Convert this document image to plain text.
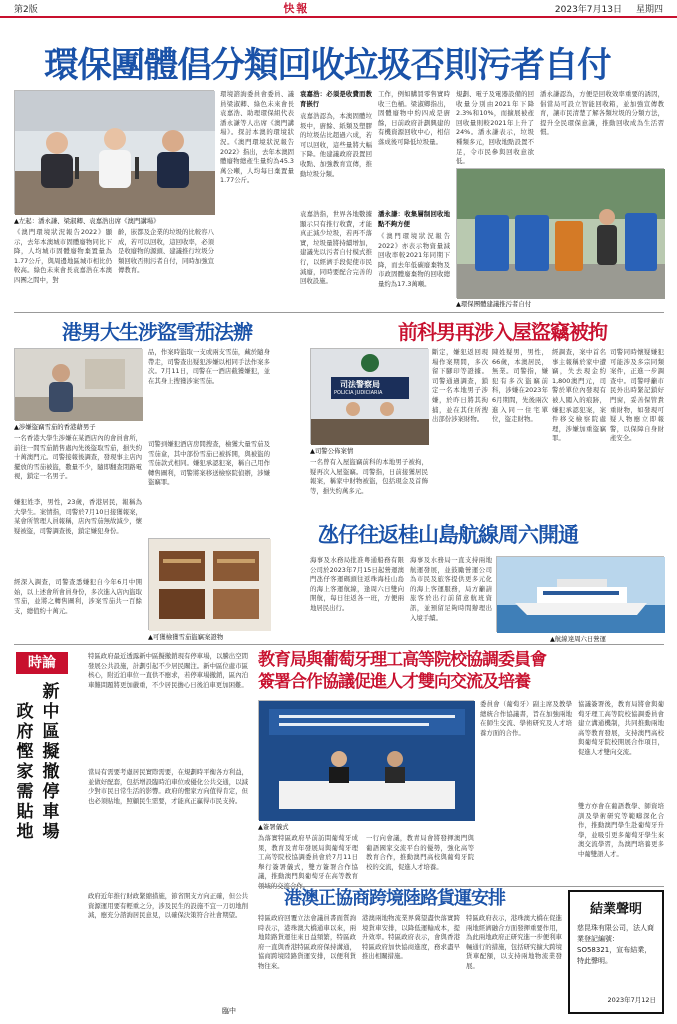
第2版	快報	2023年7月13日 星期四
環保團體倡分類回收垃圾否則污者自付
▲左起：潘永謙、梁淑卿、袁嘉浩出席《澳門講場》
《澳門環境狀況報告2022》顯示，去年本澳城市固體廢物同比下降，人均城市固體廢物棄置量為1.77公斤，與周邊地區城市相比仍較高。綠色未來會長袁嘉浩在本澳四團之間中，對
齡，嵌都及企業的垃圾的比較容八成，若可以回收，這回收率，必須是收廢物的源頭、建議推行垃圾分類回收否則污者自付，同時加強宣傳教育。
環境諮詢委員會委員、議員梁淑卿、綠色未來會長袁嘉浩、助理環保組代表潘永謙等人出席《澳門講場》。探討本澳的環境狀況。《澳門環境狀況報告2022》指出，去年本澳固體廢物總產生量約為45.3萬公噸，人均每日棄置量1.77公斤。
袁嘉浩：必須是收費而教育嵌行
袁嘉浩認為，本澳固體垃圾中，廚餘、紙類及塑膠的垃圾佔比超過六成，若可以回收，這些量將大幅下降。他建議政府設置回收點、加強教育宣傳，推動垃圾分類。
袁嘉浩指，世界各地數據顯示只有推行收費，才能真正減少垃圾，若再不落實，垃圾量將持續增加，建議先以污者自付模式推行，以經濟手段促使市民減廢，同時要配合完善的回收設施。
工作，例如購買零售實時收三色桶。梁淑卿指出，固體廢物中約四成是廚餘，日前政府計劃興建的有機資源回收中心，相信落成後可降低垃圾量。
潘永謙：收集層制回收地點不夠方便
《澳門環境狀況報告2022》亦表示物資量減回收率較2021年同期下降，而去年低碳廢棄物及市政固體廢棄物的回收總量約為17.3萬噸。
規劃、電子及電器設備的回收量分別由2021年下降2.3%和10%，而擴展被產回收量則較2021年上升了24%。潘永謙表示，垃圾種類多元，回收地點設置不足，令市民參與回收意欲低。
潘永謙認為，方便是回收效率重要的誘因，倡當局可設立智能回收箱，並加強宣傳教育，讓市民清楚了解各類垃圾的分類方法，提升全民環保意識，推動回收成為生活習慣。
▲環保團體建議推污者自付
港男大生涉盜雪茄法辦
▲涉嫌盜竊雪茄的香港藉男子
一名香港大學生涉嫌在某酒店內的會員會所，前往一間雪茄銷售處內先後盜取雪茄，損失約十萬澳門元。司警接報後調查，發現事主店內擺放的雪茄被盜，數量不少，隨即翻查閉路電視，鎖定一名男子。
嫌犯姓李，男性，23歲，香港居民，報稱為大學生。案情指，司警於7月10日接獲報案，某會所管理人員報稱，店內雪茄無故減少，懷疑被盜，司警調查後，鎖定嫌犯身份。
經深入調查，司警查悉嫌犯自今年6月中開始，以上述會所會員身份，多次進入店內盜取雪茄，並將之轉售圖利，涉案雪茄共一百餘支，總值約十萬元。
品，作案時盜取一支或兩支雪茄，藏於隨身帶走，司警查出疑犯涉嫌以相同手法作案多次。7月11日，司警在一酒店截獲嫌犯，並在其身上搜獲涉案雪茄。
司警到嫌犯酒店房間搜查，檢獲大量雪茄及雪茄盒，其中部份雪茄已被拆開，與被盜的雪茄款式相同。嫌犯承認犯案，稱自己用作轉售圖利，司警將案移送檢察院偵辦，涉嫌盜竊罪。
▲可獲檢獲雪茄盜竊案證物
前科男再涉入屋盜竊被拘
司法警察局
POLICIA JUDICIARIA
▲司警公佈案情
一名曾有入屋盜竊前科的本地男子被拘，疑再次入屋盜竊。司警指，日前接獲居民報案，稱家中財物被盜，包括現金及首飾等，損失約萬多元。
斷定，嫌犯返回現場作案期間，多次留下腳印等證據。司警通過調查，鎖定一名本地男子涉嫌，於昨日將其拘捕，並在其住所搜出部份涉案財物。
陳姓疑男，男性，66歲，本澳居民，無業。司警指，嫌犯有多次盜竊前科，涉嫌在2023年6月期間，先後兩次進入同一住宅單位，盜走財物。
經調查，案中首名事主報稱於家中遭竊，失去現金約1,800澳門元，司警於單位內發現有被人闖入的痕跡，嫌犯承認犯案，案件移交檢察院處理，涉嫌加重盜竊罪。
司警同時懷疑嫌犯可能涉及多宗同類案件，正進一步調查中。司警呼籲市民外出時緊記鎖好門窗，妥善保管貴重財物，如發現可疑人物應立即報警，以保障自身財產安全。
氹仔往返桂山島航線周六開通
海事及水務局批准粵通船務有限公司於2023年7月15日起營運澳門氹仔客運碼頭往返珠海桂山島的海上客運航線，逢周六日雙向開航，每日往返各一班，方便兩地居民出行。
海事及水務局一直支持兩地航運發展，並鼓勵營運公司為市民及旅客提供更多元化的海上客運服務，局方籲請旅客於出行前留意航班資訊，並預留足夠時間辦理出入境手續。
▲航線達周六日營運
時論
新
中
區
擬
撤
停
車
場
政
府
慳
家
需
貼
地
特區政府最近透露新中區擬撤銷現有停車場，以騰出空間發展公共設施，計劃引起不少居民關注。新中區位處市區核心，附近泊車位一直供不應求，若停車場撤銷，區內泊車難問題將更加嚴重，不少居民擔心日後泊車更加困難。
當局有需要考慮居民實際需要，在規劃時平衡各方利益，並做好配套，包括增設臨時泊車位或優化公共交通，以減少對市民日常生活的影響。政府的慳家方向值得肯定，但也必須貼地，照顧民生需要，才能真正贏得市民支持。
政府近年推行財政緊縮措施，節省開支方向正確，但公共資源運用要有輕重之分，涉及民生的設施不宜一刀切地削減，應充分諮詢居民意見，以確保決策符合社會期望。
臨中
教育局與葡萄牙理工高等院校協調委員會
簽署合作協議促進人才雙向交流及培養
▲簽署儀式
為落實特區政府早前訪問葡萄牙成果，教育及青年發展局與葡萄牙理工高等院校協調委員會於7月11日舉行簽署儀式，雙方簽署合作協議，推動澳門與葡萄牙在高等教育
一行向會議，教青局會將發揮澳門與葡語國家交流平台的優勢，強化高等教育合作，推動澳門高校與葡萄牙院校的交流，促進人才培養。
委員會（葡萄牙）副主席及教學總統合作協議書，旨在加強兩地在師生交流、學術研究及人才培養方面的合作。
協議簽署後，教育局將會與葡萄牙理工高等院校協調委員會建立溝通機制，共同推動兩地高等教育發展，支持澳門高校與葡萄牙院校開展合作項目，促進人才雙向交流。
雙方亦會在葡語教學、師資培訓及學術研究等範疇深化合作，推動澳門學生赴葡萄牙升學，並吸引更多葡萄牙學生來澳交流學習，為澳門培養更多中葡雙語人才。
港澳正協商跨境陸路貨運安排
特區政府回覆立法會議員書面質詢時表示，港珠澳大橋通車以來，兩地陸路貨運往來日益頻繁，特區政府一直與香港特區政府保持溝通，協商跨境陸路貨運安排，以便利貨物往來。
港澳兩地物流業界冀望盡快落實跨境貨車安排，以降低運輸成本，提升效率。特區政府表示，會與香港特區政府加快協商進度，務求盡早推出相關措施。
特區政府表示，港珠澳大橋在促進兩地經濟融合方面發揮重要作用，為此兩地政府正研究進一步便利車輛通行的措施，包括研究擴大跨境貨車配額，以支持兩地物流業發展。
結業聲明
慈昆珠有限公司，法人商業登記編號：SO58321，宣布結業，特此聲明。
2023年7月12日
